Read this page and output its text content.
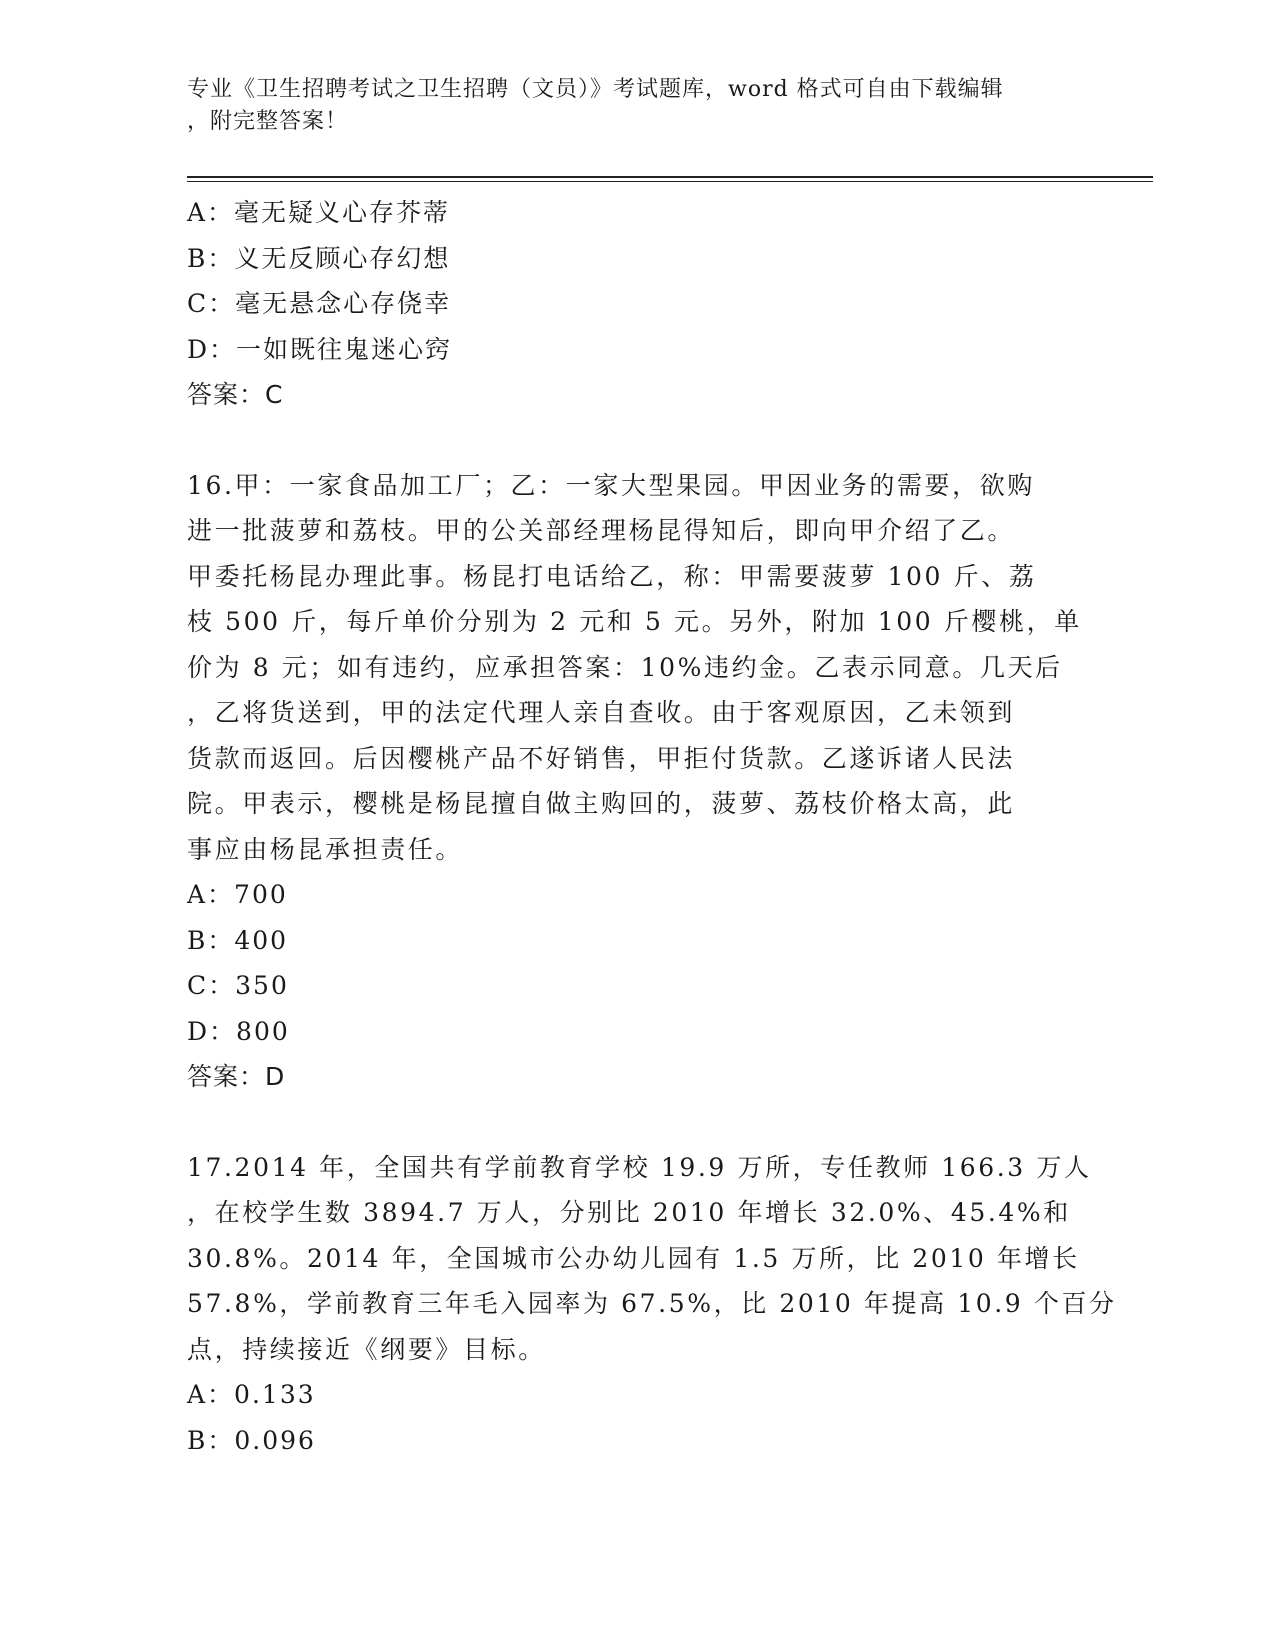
专业《卫生招聘考试之卫生招聘（文员）》考试题库，word 格式可自由下载编辑
，附完整答案！
A：毫无疑义心存芥蒂
B：义无反顾心存幻想
C：毫无悬念心存侥幸
D：一如既往鬼迷心窍
答案：C
16.甲：一家食品加工厂；乙：一家大型果园。甲因业务的需要，欲购
进一批菠萝和荔枝。甲的公关部经理杨昆得知后，即向甲介绍了乙。
甲委托杨昆办理此事。杨昆打电话给乙，称：甲需要菠萝 100 斤、荔
枝 500 斤，每斤单价分别为 2 元和 5 元。另外，附加 100 斤樱桃，单
价为 8 元；如有违约，应承担答案：10%违约金。乙表示同意。几天后
，乙将货送到，甲的法定代理人亲自查收。由于客观原因，乙未领到
货款而返回。后因樱桃产品不好销售，甲拒付货款。乙遂诉诸人民法
院。甲表示，樱桃是杨昆擅自做主购回的，菠萝、荔枝价格太高，此
事应由杨昆承担责任。
A：700
B：400
C：350
D：800
答案：D
17.2014 年，全国共有学前教育学校 19.9 万所，专任教师 166.3 万人
，在校学生数 3894.7 万人，分别比 2010 年增长 32.0%、45.4%和
30.8%。2014 年，全国城市公办幼儿园有 1.5 万所，比 2010 年增长
57.8%，学前教育三年毛入园率为 67.5%，比 2010 年提高 10.9 个百分
点，持续接近《纲要》目标。
A：0.133
B：0.096
